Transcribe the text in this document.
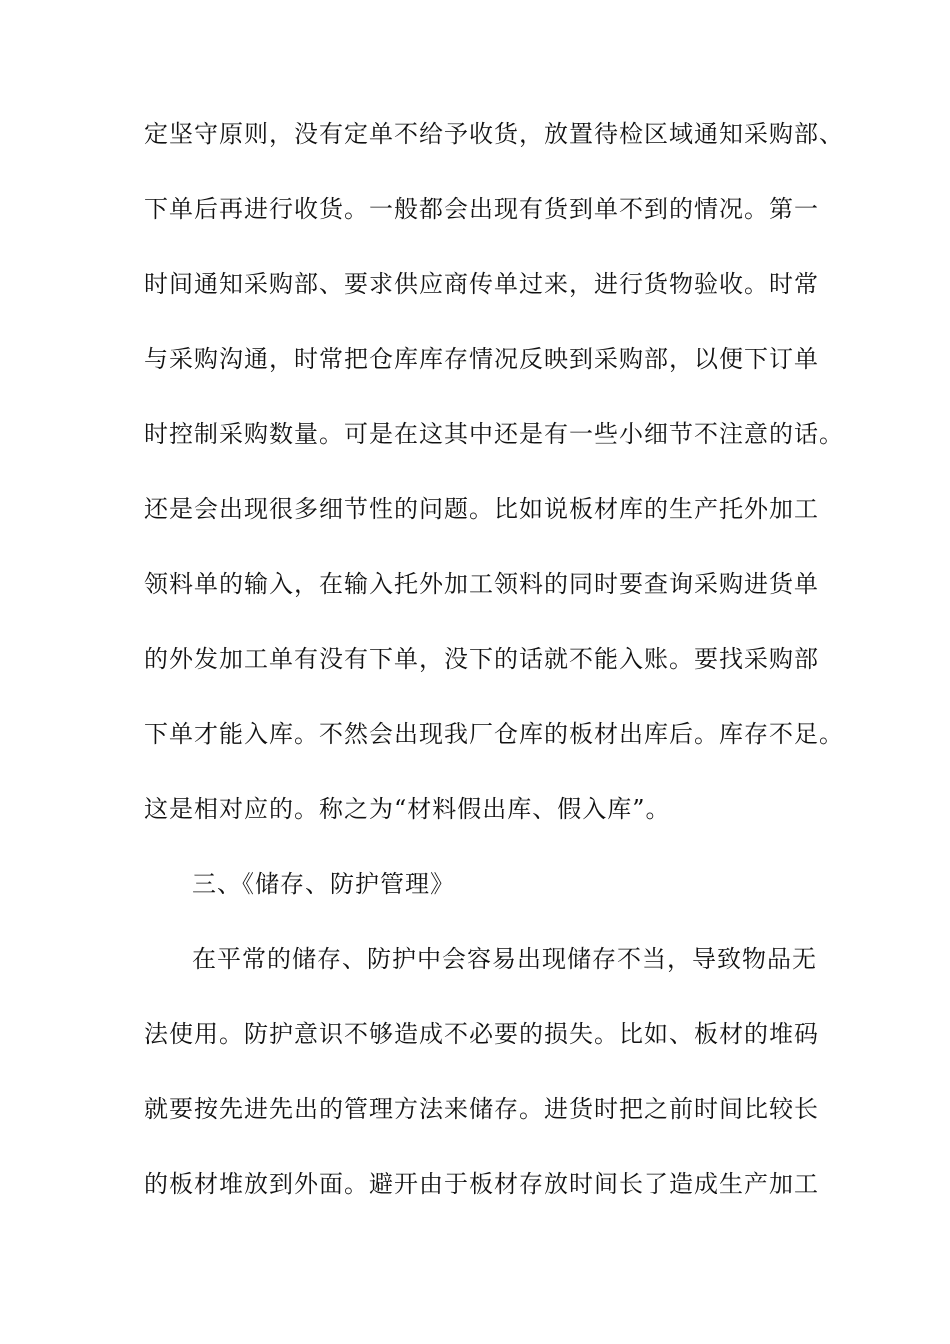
定坚守原则，没有定单不给予收货，放置待检区域通知采购部、
下单后再进行收货。一般都会出现有货到单不到的情况。第一
时间通知采购部、要求供应商传单过来，进行货物验收。时常
与采购沟通，时常把仓库库存情况反映到采购部，以便下订单
时控制采购数量。可是在这其中还是有一些小细节不注意的话。
还是会出现很多细节性的问题。比如说板材库的生产托外加工
领料单的输入，在输入托外加工领料的同时要查询采购进货单
的外发加工单有没有下单，没下的话就不能入账。要找采购部
下单才能入库。不然会出现我厂仓库的板材出库后。库存不足。
这是相对应的。称之为“材料假出库、假入库”。
三、《储存、防护管理》
在平常的储存、防护中会容易出现储存不当，导致物品无
法使用。防护意识不够造成不必要的损失。比如、板材的堆码
就要按先进先出的管理方法来储存。进货时把之前时间比较长
的板材堆放到外面。避开由于板材存放时间长了造成生产加工
